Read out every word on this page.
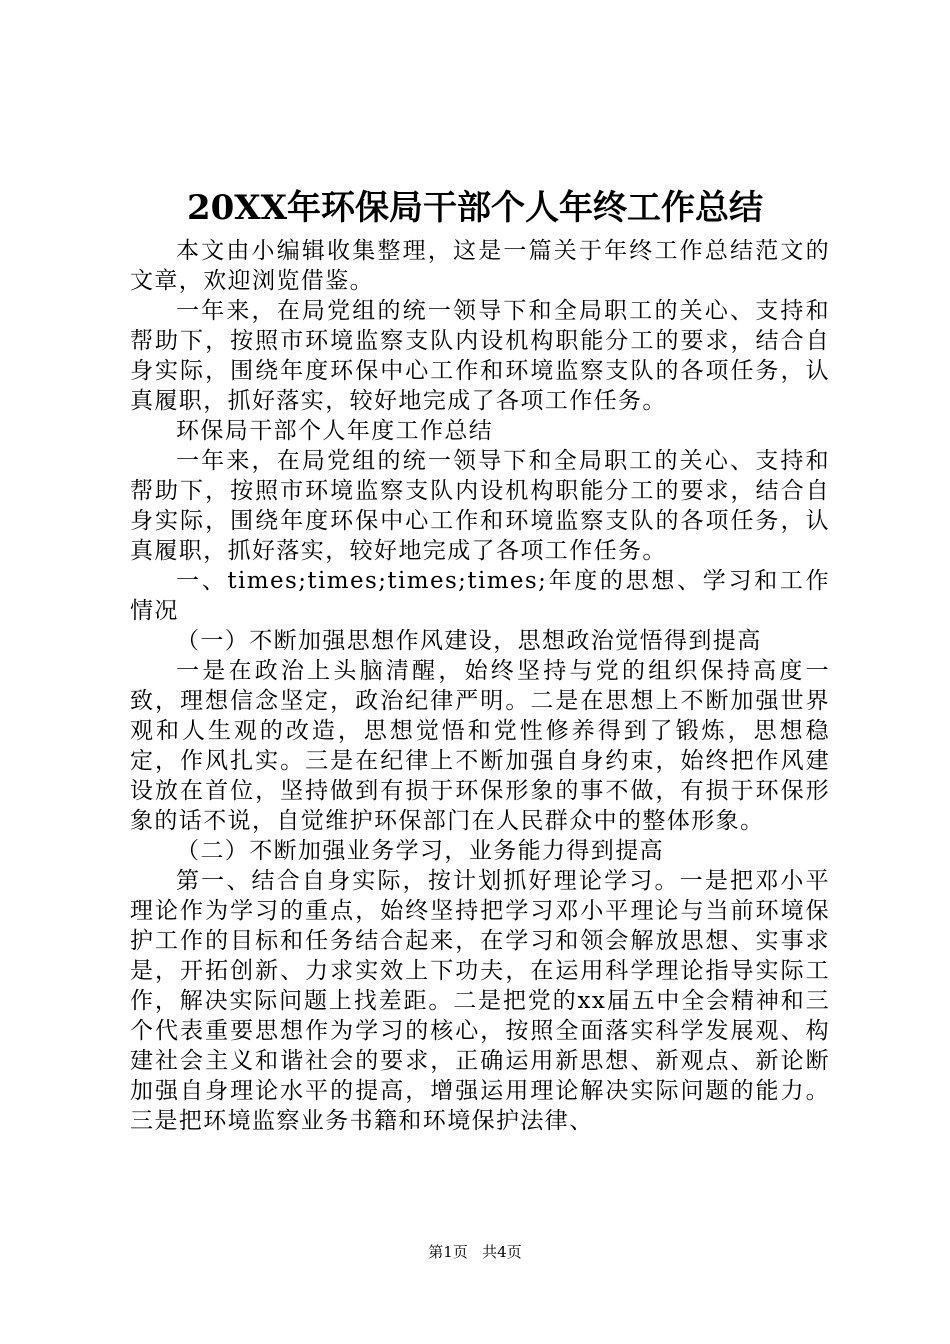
20XX年环保局干部个人年终工作总结

本文由小编辑收集整理，这是一篇关于年终工作总结范文的文章，欢迎浏览借鉴。

一年来，在局党组的统一领导下和全局职工的关心、支持和帮助下，按照市环境监察支队内设机构职能分工的要求，结合自身实际，围绕年度环保中心工作和环境监察支队的各项任务，认真履职，抓好落实，较好地完成了各项工作任务。

环保局干部个人年度工作总结

一年来，在局党组的统一领导下和全局职工的关心、支持和帮助下，按照市环境监察支队内设机构职能分工的要求，结合自身实际，围绕年度环保中心工作和环境监察支队的各项任务，认真履职，抓好落实，较好地完成了各项工作任务。

一、times;times;times;times;年度的思想、学习和工作情况

（一）不断加强思想作风建设，思想政治觉悟得到提高

一是在政治上头脑清醒，始终坚持与党的组织保持高度一致，理想信念坚定，政治纪律严明。二是在思想上不断加强世界观和人生观的改造，思想觉悟和党性修养得到了锻炼，思想稳定，作风扎实。三是在纪律上不断加强自身约束，始终把作风建设放在首位，坚持做到有损于环保形象的事不做，有损于环保形象的话不说，自觉维护环保部门在人民群众中的整体形象。

（二）不断加强业务学习，业务能力得到提高

第一、结合自身实际，按计划抓好理论学习。一是把邓小平理论作为学习的重点，始终坚持把学习邓小平理论与当前环境保护工作的目标和任务结合起来，在学习和领会解放思想、实事求是，开拓创新、力求实效上下功夫，在运用科学理论指导实际工作，解决实际问题上找差距。二是把党的xx届五中全会精神和三个代表重要思想作为学习的核心，按照全面落实科学发展观、构建社会主义和谐社会的要求，正确运用新思想、新观点、新论断加强自身理论水平的提高，增强运用理论解决实际问题的能力。三是把环境监察业务书籍和环境保护法律、

第1页 共4页
